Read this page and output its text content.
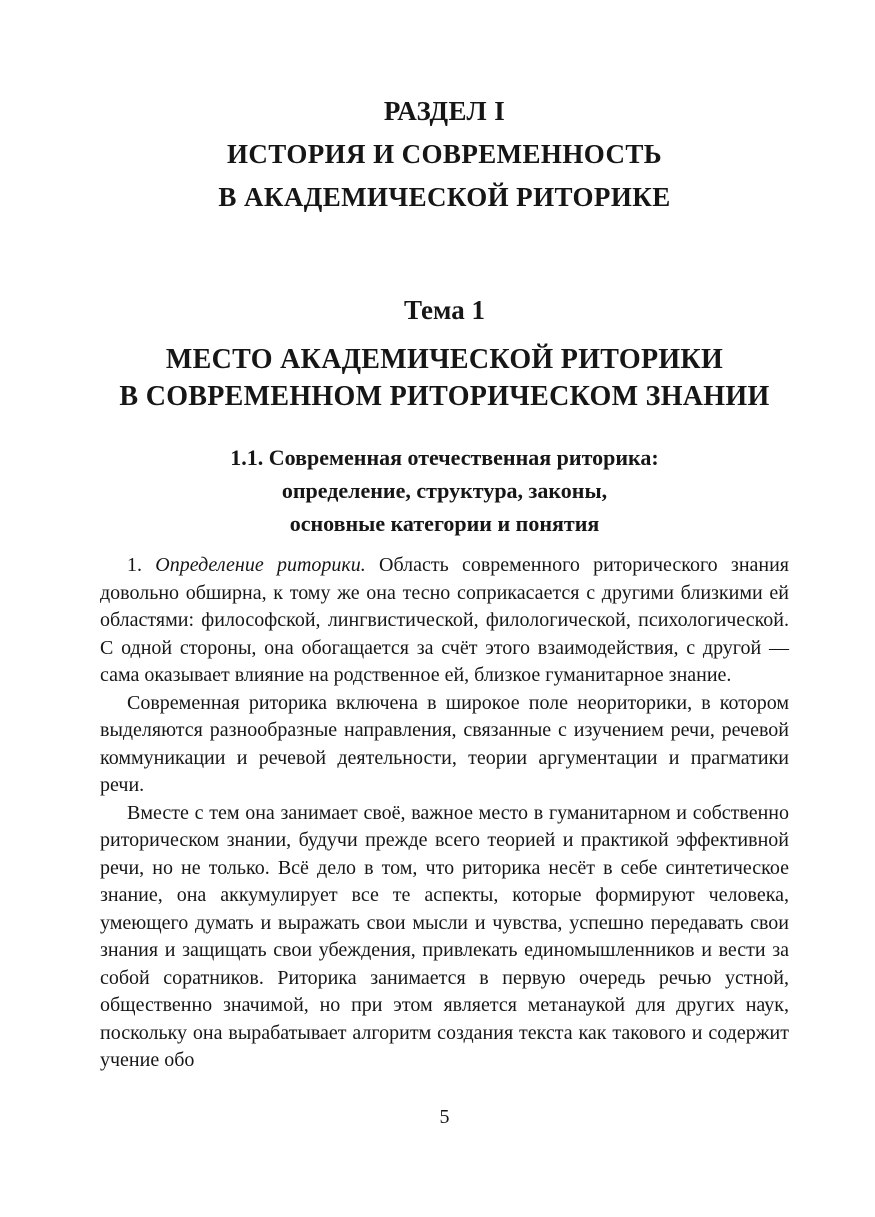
РАЗДЕЛ I
ИСТОРИЯ И СОВРЕМЕННОСТЬ
В АКАДЕМИЧЕСКОЙ РИТОРИКЕ
Тема 1
МЕСТО АКАДЕМИЧЕСКОЙ РИТОРИКИ
В СОВРЕМЕННОМ РИТОРИЧЕСКОМ ЗНАНИИ
1.1. Современная отечественная риторика:
определение, структура, законы,
основные категории и понятия

1. Определение риторики. Область современного риторического знания довольно обширна, к тому же она тесно соприкасается с другими близкими ей областями: философской, лингвистической, филологической, психологической. С одной стороны, она обогащается за счёт этого взаимодействия, с другой — сама оказывает влияние на родственное ей, близкое гуманитарное знание.

Современная риторика включена в широкое поле неориторики, в котором выделяются разнообразные направления, связанные с изучением речи, речевой коммуникации и речевой деятельности, теории аргументации и прагматики речи.

Вместе с тем она занимает своё, важное место в гуманитарном и собственно риторическом знании, будучи прежде всего теорией и практикой эффективной речи, но не только. Всё дело в том, что риторика несёт в себе синтетическое знание, она аккумулирует все те аспекты, которые формируют человека, умеющего думать и выражать свои мысли и чувства, успешно передавать свои знания и защищать свои убеждения, привлекать единомышленников и вести за собой соратников. Риторика занимается в первую очередь речью устной, общественно значимой, но при этом является метанаукой для других наук, поскольку она вырабатывает алгоритм создания текста как такового и содержит учение обо

5
